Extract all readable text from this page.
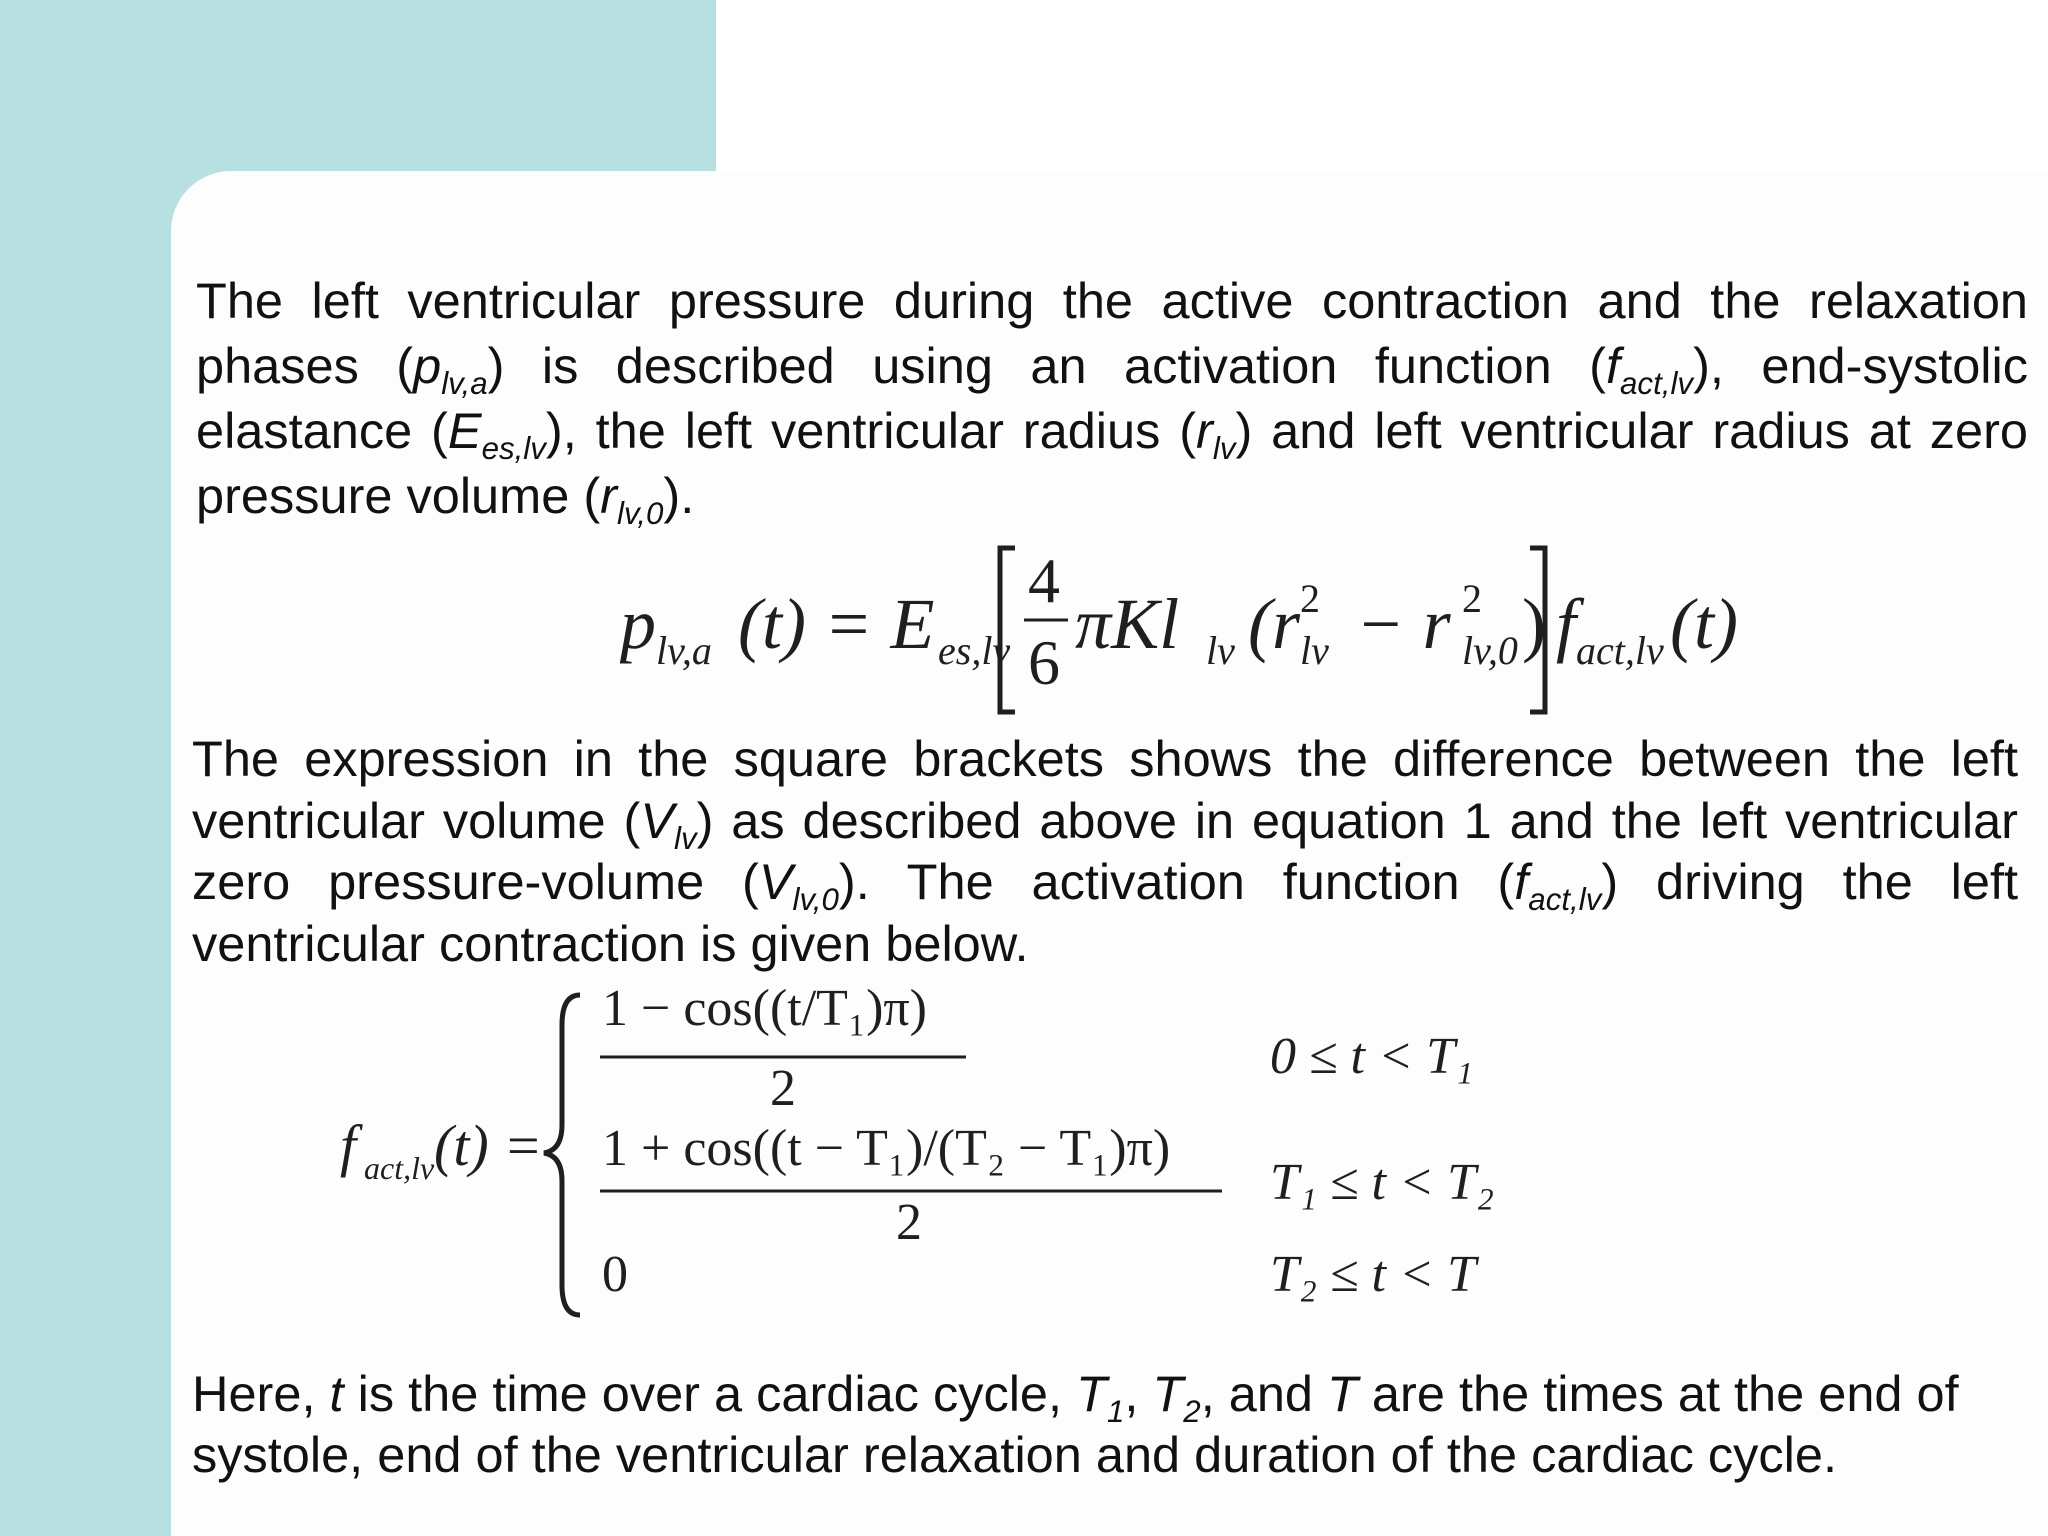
The left ventricular pressure during the active contraction and the relaxation phases $(p_{lv,a})$ is described using an activation function $(f_{act,lv})$, end-systolic elastance $(E_{es,lv})$, the left ventricular radius $(r_{lv})$ and left ventricular radius at zero pressure volume $(r_{lv,0})$.

p lv,a (t) = E es,lv
4
6 πKl lv (r 2
lv − r 2
lv,0 ) f act,lv (t)

The expression in the square brackets shows the difference between the left ventricular volume $(V_{lv})$ as described above in equation 1 and the left ventricular zero pressure-volume $(V_{lv,0})$. The activation function $(f_{act,lv})$ driving the left ventricular contraction is given below.

f act,lv (t) =
1 − cos((t/T₁)π)
2
0 ≤ t < T₁
1 + cos((t − T₁)/(T₂ − T₁)π)
2
T₁ ≤ t < T₂
0	T₂ ≤ t < T

Here, t is the time over a cardiac cycle, $T_1$, $T_2$, and T are the times at the end of systole, end of the ventricular relaxation and duration of the cardiac cycle.
